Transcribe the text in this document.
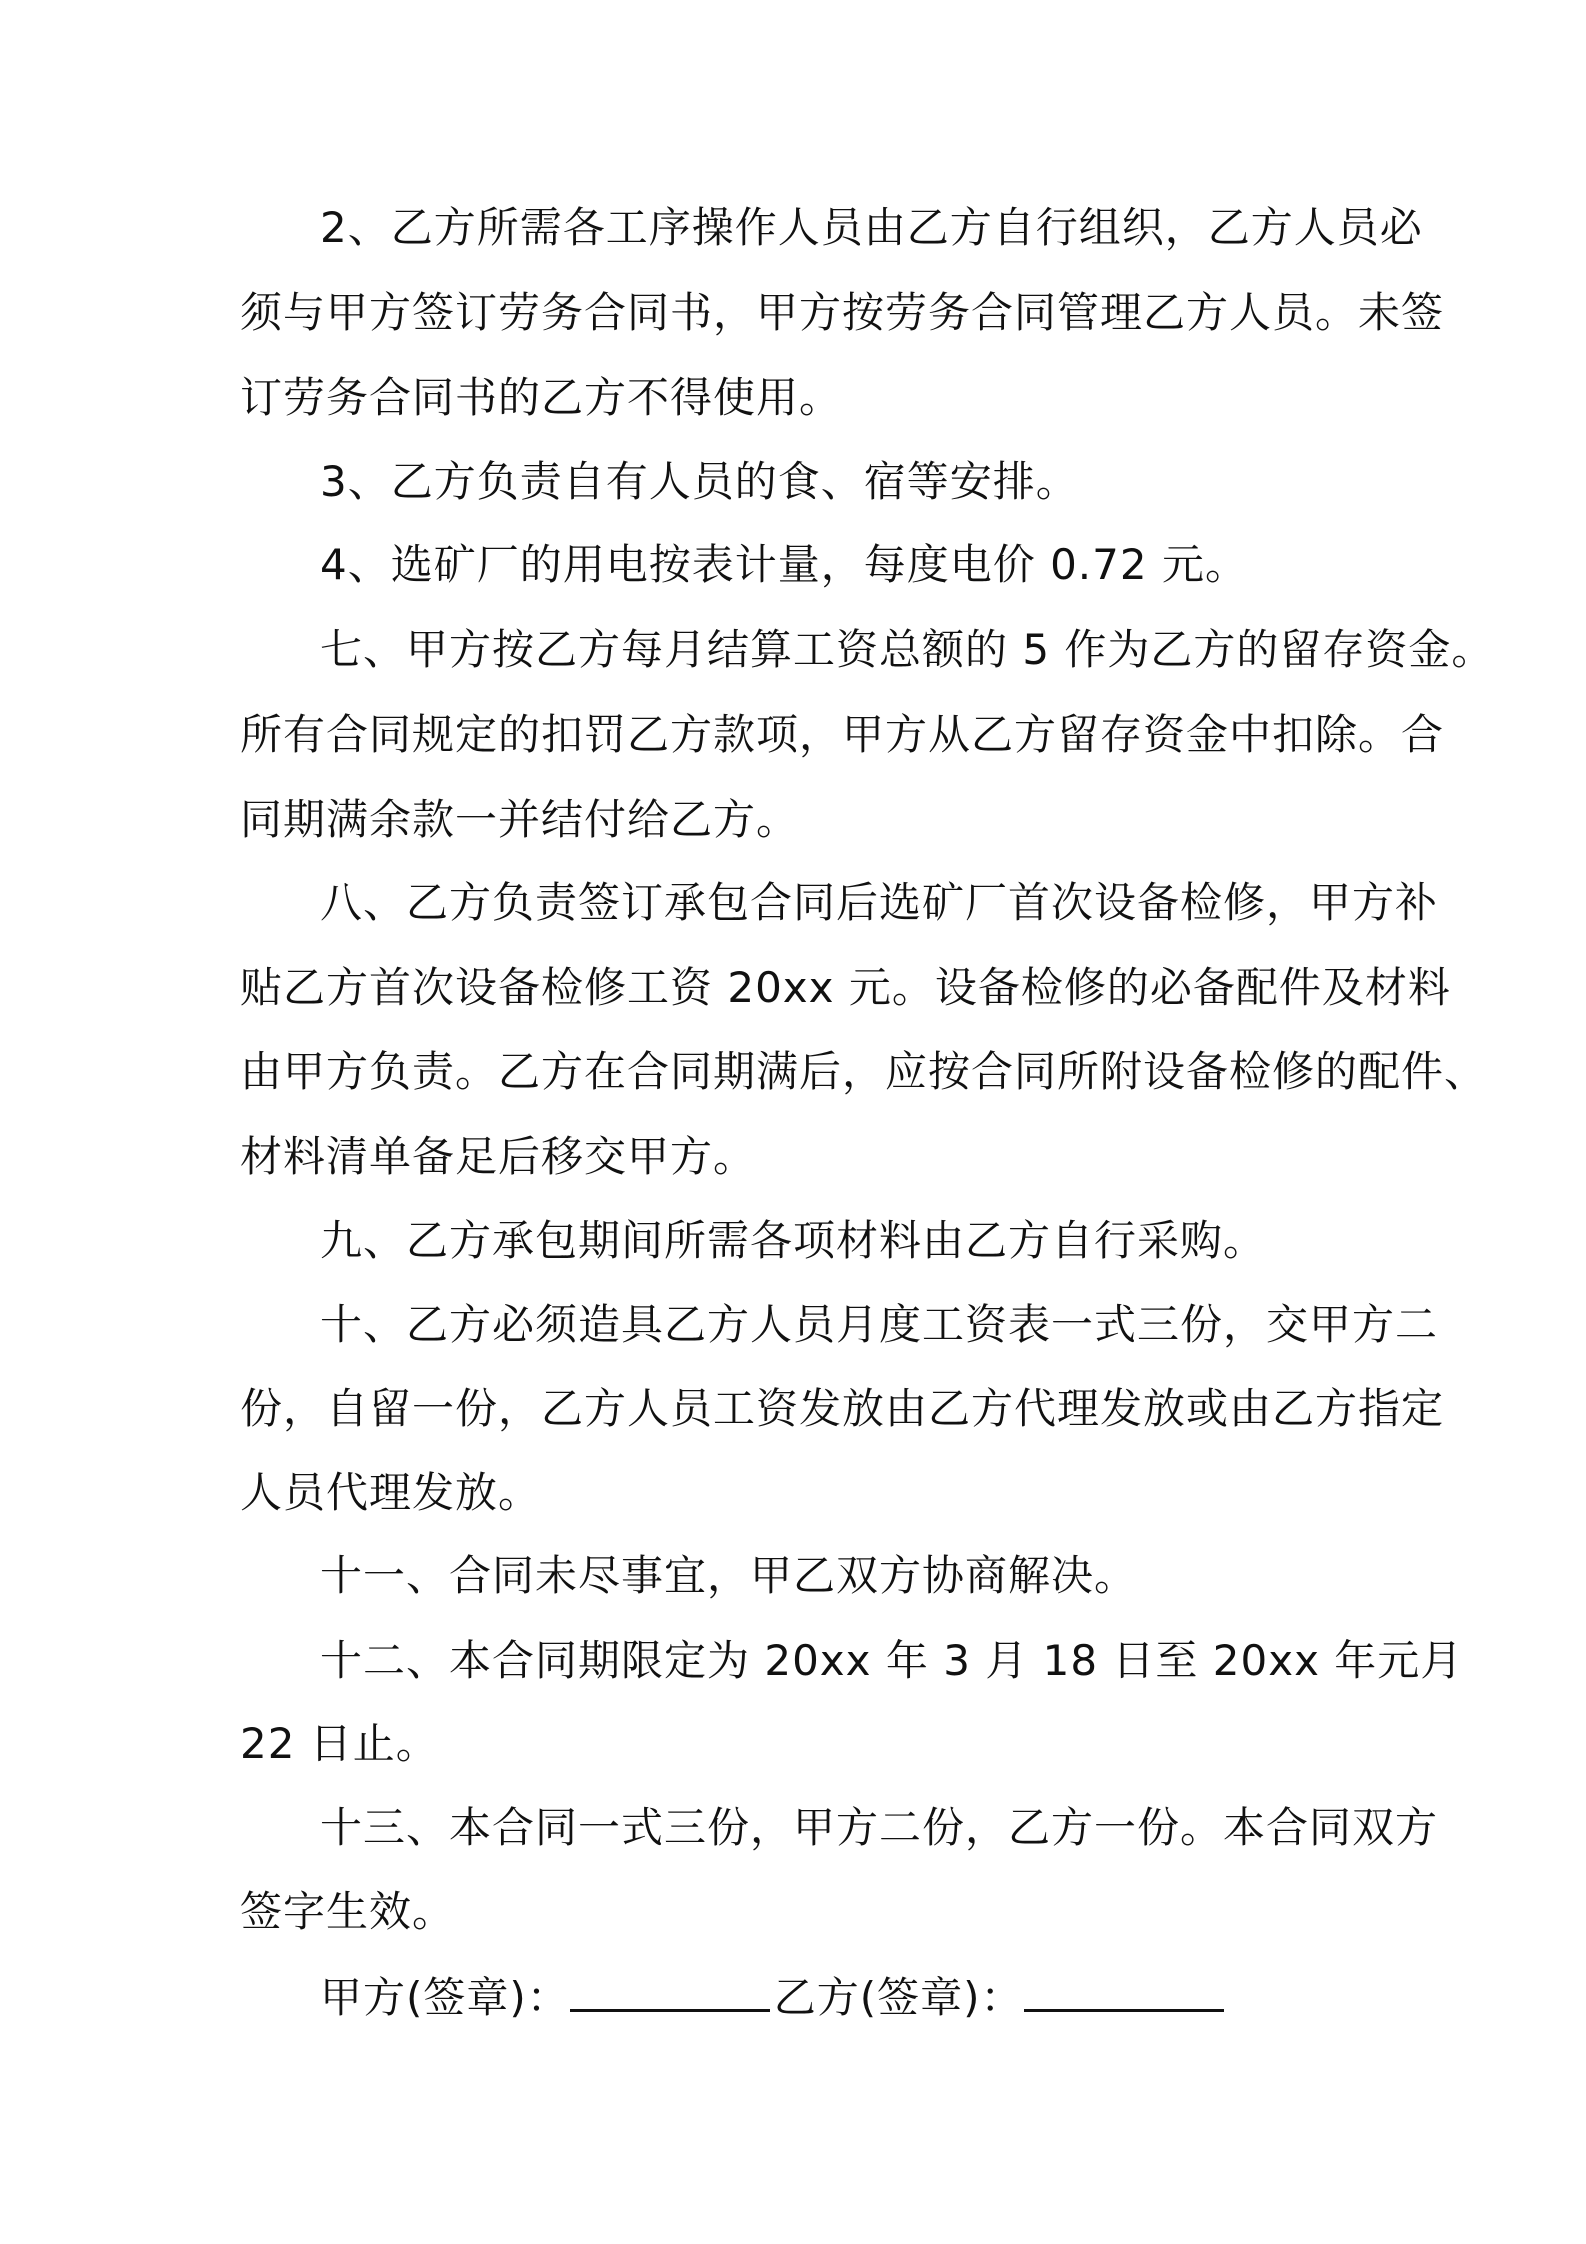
2、乙方所需各工序操作人员由乙方自行组织，乙方人员必
须与甲方签订劳务合同书，甲方按劳务合同管理乙方人员。未签
订劳务合同书的乙方不得使用。
3、乙方负责自有人员的食、宿等安排。
4、选矿厂的用电按表计量，每度电价 0.72 元。
七、甲方按乙方每月结算工资总额的 5 作为乙方的留存资金。
所有合同规定的扣罚乙方款项，甲方从乙方留存资金中扣除。合
同期满余款一并结付给乙方。
八、乙方负责签订承包合同后选矿厂首次设备检修，甲方补
贴乙方首次设备检修工资 20xx 元。设备检修的必备配件及材料
由甲方负责。乙方在合同期满后，应按合同所附设备检修的配件、
材料清单备足后移交甲方。
九、乙方承包期间所需各项材料由乙方自行采购。
十、乙方必须造具乙方人员月度工资表一式三份，交甲方二
份，自留一份，乙方人员工资发放由乙方代理发放或由乙方指定
人员代理发放。
十一、合同未尽事宜，甲乙双方协商解决。
十二、本合同期限定为 20xx 年 3 月 18 日至 20xx 年元月
22 日止。
十三、本合同一式三份，甲方二份，乙方一份。本合同双方
签字生效。
甲方(签章)：	乙方(签章)：
